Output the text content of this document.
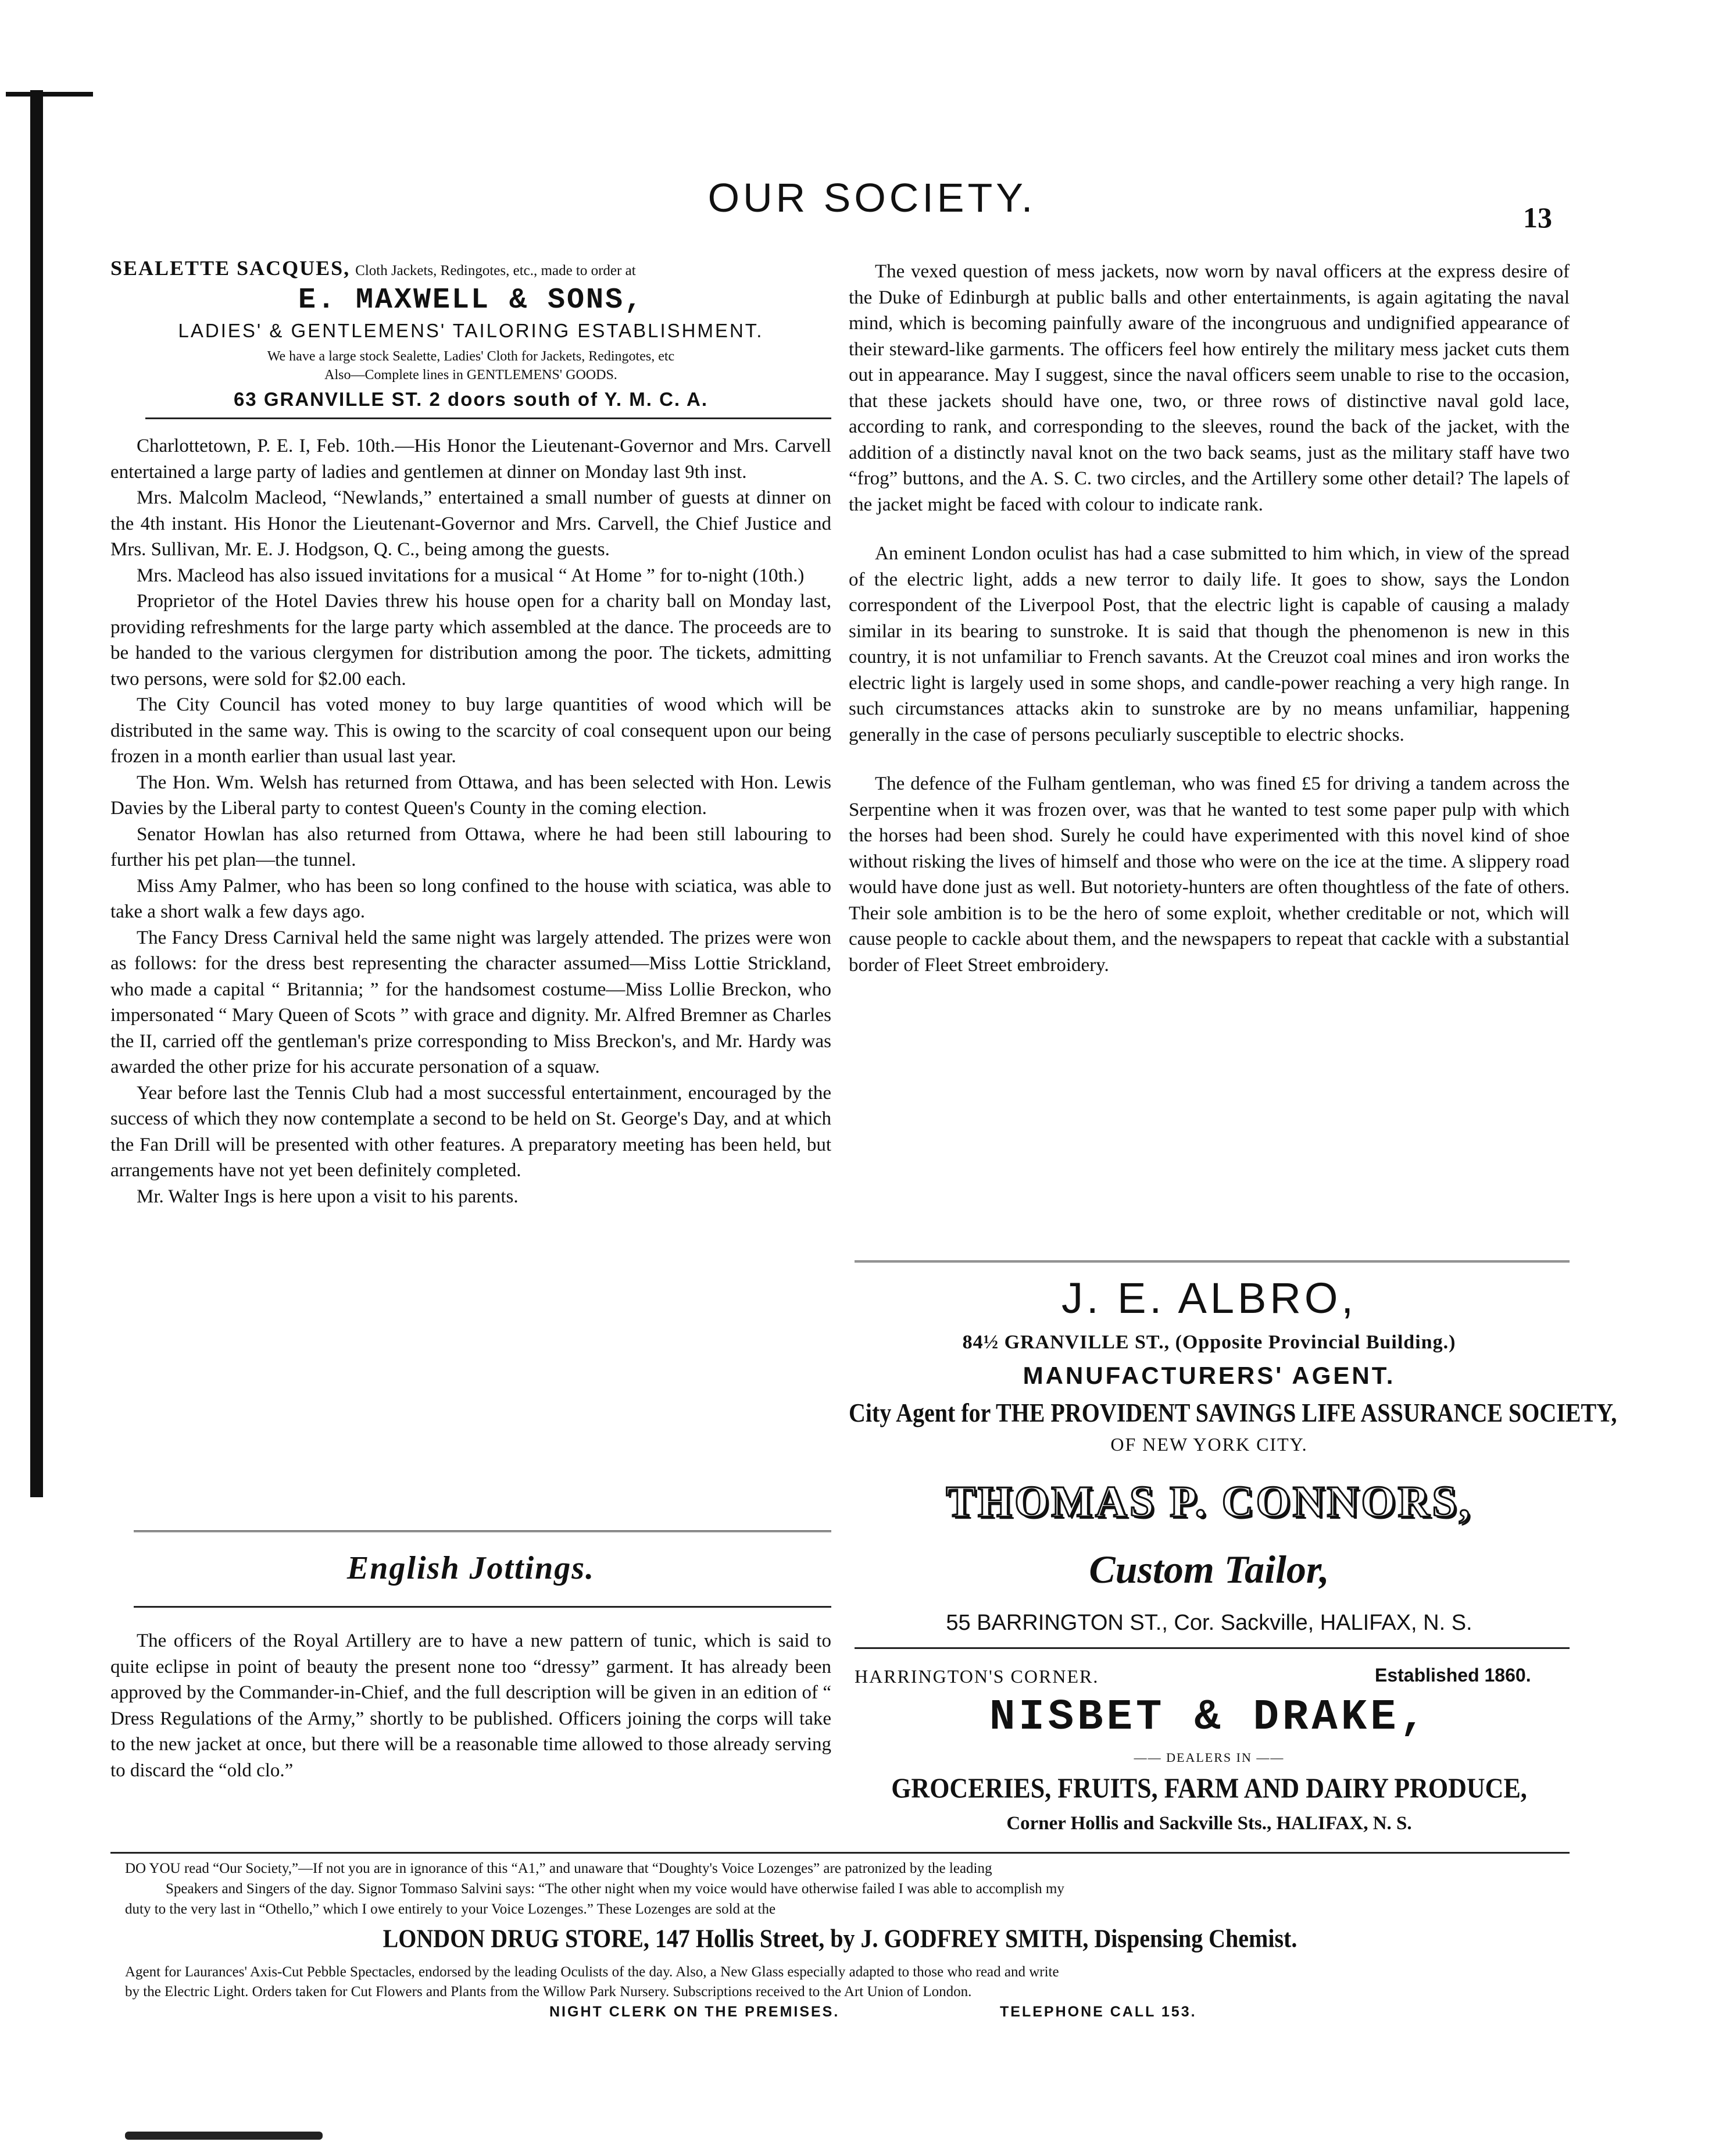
OUR SOCIETY.	13
SEALETTE SACQUES, Cloth Jackets, Redingotes, etc., made to order at
E. MAXWELL & SONS,
LADIES' & GENTLEMENS' TAILORING ESTABLISHMENT.
We have a large stock Sealette, Ladies' Cloth for Jackets, Redingotes, etc
Also—Complete lines in GENTLEMENS' GOODS.
63 GRANVILLE ST. 2 doors south of Y. M. C. A.

Charlottetown, P. E. I, Feb. 10th.—His Honor the Lieutenant-Governor and Mrs. Carvell entertained a large party of ladies and gentlemen at dinner on Monday last 9th inst.

Mrs. Malcolm Macleod, “Newlands,” entertained a small number of guests at dinner on the 4th instant. His Honor the Lieutenant-Governor and Mrs. Carvell, the Chief Justice and Mrs. Sullivan, Mr. E. J. Hodgson, Q. C., being among the guests.

Mrs. Macleod has also issued invitations for a musical “ At Home ” for to-night (10th.)

Proprietor of the Hotel Davies threw his house open for a charity ball on Monday last, providing refreshments for the large party which assembled at the dance. The proceeds are to be handed to the various clergymen for distribution among the poor. The tickets, admitting two persons, were sold for $2.00 each.

The City Council has voted money to buy large quantities of wood which will be distributed in the same way. This is owing to the scarcity of coal consequent upon our being frozen in a month earlier than usual last year.

The Hon. Wm. Welsh has returned from Ottawa, and has been selected with Hon. Lewis Davies by the Liberal party to contest Queen's County in the coming election.

Senator Howlan has also returned from Ottawa, where he had been still labouring to further his pet plan—the tunnel.

Miss Amy Palmer, who has been so long confined to the house with sciatica, was able to take a short walk a few days ago.

The Fancy Dress Carnival held the same night was largely attended. The prizes were won as follows: for the dress best representing the character assumed—Miss Lottie Strickland, who made a capital “ Britannia; ” for the handsomest costume—Miss Lollie Breckon, who impersonated “ Mary Queen of Scots ” with grace and dignity. Mr. Alfred Bremner as Charles the II, carried off the gentleman's prize corresponding to Miss Breckon's, and Mr. Hardy was awarded the other prize for his accurate personation of a squaw.

Year before last the Tennis Club had a most successful entertainment, encouraged by the success of which they now contemplate a second to be held on St. George's Day, and at which the Fan Drill will be presented with other features. A preparatory meeting has been held, but arrangements have not yet been definitely completed.

Mr. Walter Ings is here upon a visit to his parents.

English Jottings.

The officers of the Royal Artillery are to have a new pattern of tunic, which is said to quite eclipse in point of beauty the present none too “dressy” garment. It has already been approved by the Commander-in-Chief, and the full description will be given in an edition of “ Dress Regulations of the Army,” shortly to be published. Officers joining the corps will take to the new jacket at once, but there will be a reasonable time allowed to those already serving to discard the “old clo.”

The vexed question of mess jackets, now worn by naval officers at the express desire of the Duke of Edinburgh at public balls and other entertainments, is again agitating the naval mind, which is becoming painfully aware of the incongruous and undignified appearance of their steward-like garments. The officers feel how entirely the military mess jacket cuts them out in appearance. May I suggest, since the naval officers seem unable to rise to the occasion, that these jackets should have one, two, or three rows of distinctive naval gold lace, according to rank, and corresponding to the sleeves, round the back of the jacket, with the addition of a distinctly naval knot on the two back seams, just as the military staff have two “frog” buttons, and the A. S. C. two circles, and the Artillery some other detail? The lapels of the jacket might be faced with colour to indicate rank.

An eminent London oculist has had a case submitted to him which, in view of the spread of the electric light, adds a new terror to daily life. It goes to show, says the London correspondent of the Liverpool Post, that the electric light is capable of causing a malady similar in its bearing to sunstroke. It is said that though the phenomenon is new in this country, it is not unfamiliar to French savants. At the Creuzot coal mines and iron works the electric light is largely used in some shops, and candle-power reaching a very high range. In such circumstances attacks akin to sunstroke are by no means unfamiliar, happening generally in the case of persons peculiarly susceptible to electric shocks.

The defence of the Fulham gentleman, who was fined £5 for driving a tandem across the Serpentine when it was frozen over, was that he wanted to test some paper pulp with which the horses had been shod. Surely he could have experimented with this novel kind of shoe without risking the lives of himself and those who were on the ice at the time. A slippery road would have done just as well. But notoriety-hunters are often thoughtless of the fate of others. Their sole ambition is to be the hero of some exploit, whether creditable or not, which will cause people to cackle about them, and the newspapers to repeat that cackle with a substantial border of Fleet Street embroidery.

J. E. ALBRO,
84½ GRANVILLE ST., (Opposite Provincial Building.)
MANUFACTURERS' AGENT.
City Agent for THE PROVIDENT SAVINGS LIFE ASSURANCE SOCIETY,
OF NEW YORK CITY.
THOMAS P. CONNORS,
Custom Tailor,
55 BARRINGTON ST., Cor. Sackville, HALIFAX, N. S.
HARRINGTON'S CORNER.	Established 1860.
NISBET & DRAKE,
—— DEALERS IN ——
GROCERIES, FRUITS, FARM AND DAIRY PRODUCE,
Corner Hollis and Sackville Sts., HALIFAX, N. S.
DO YOU read “Our Society,”—If not you are in ignorance of this “A1,” and unaware that “Doughty's Voice Lozenges” are patronized by the leading
Speakers and Singers of the day. Signor Tommaso Salvini says: “The other night when my voice would have otherwise failed I was able to accomplish my
duty to the very last in “Othello,” which I owe entirely to your Voice Lozenges.” These Lozenges are sold at the
LONDON DRUG STORE, 147 Hollis Street, by J. GODFREY SMITH, Dispensing Chemist.
Agent for Laurances' Axis-Cut Pebble Spectacles, endorsed by the leading Oculists of the day. Also, a New Glass especially adapted to those who read and write
by the Electric Light. Orders taken for Cut Flowers and Plants from the Willow Park Nursery. Subscriptions received to the Art Union of London.
NIGHT CLERK ON THE PREMISES.	TELEPHONE CALL 153.
